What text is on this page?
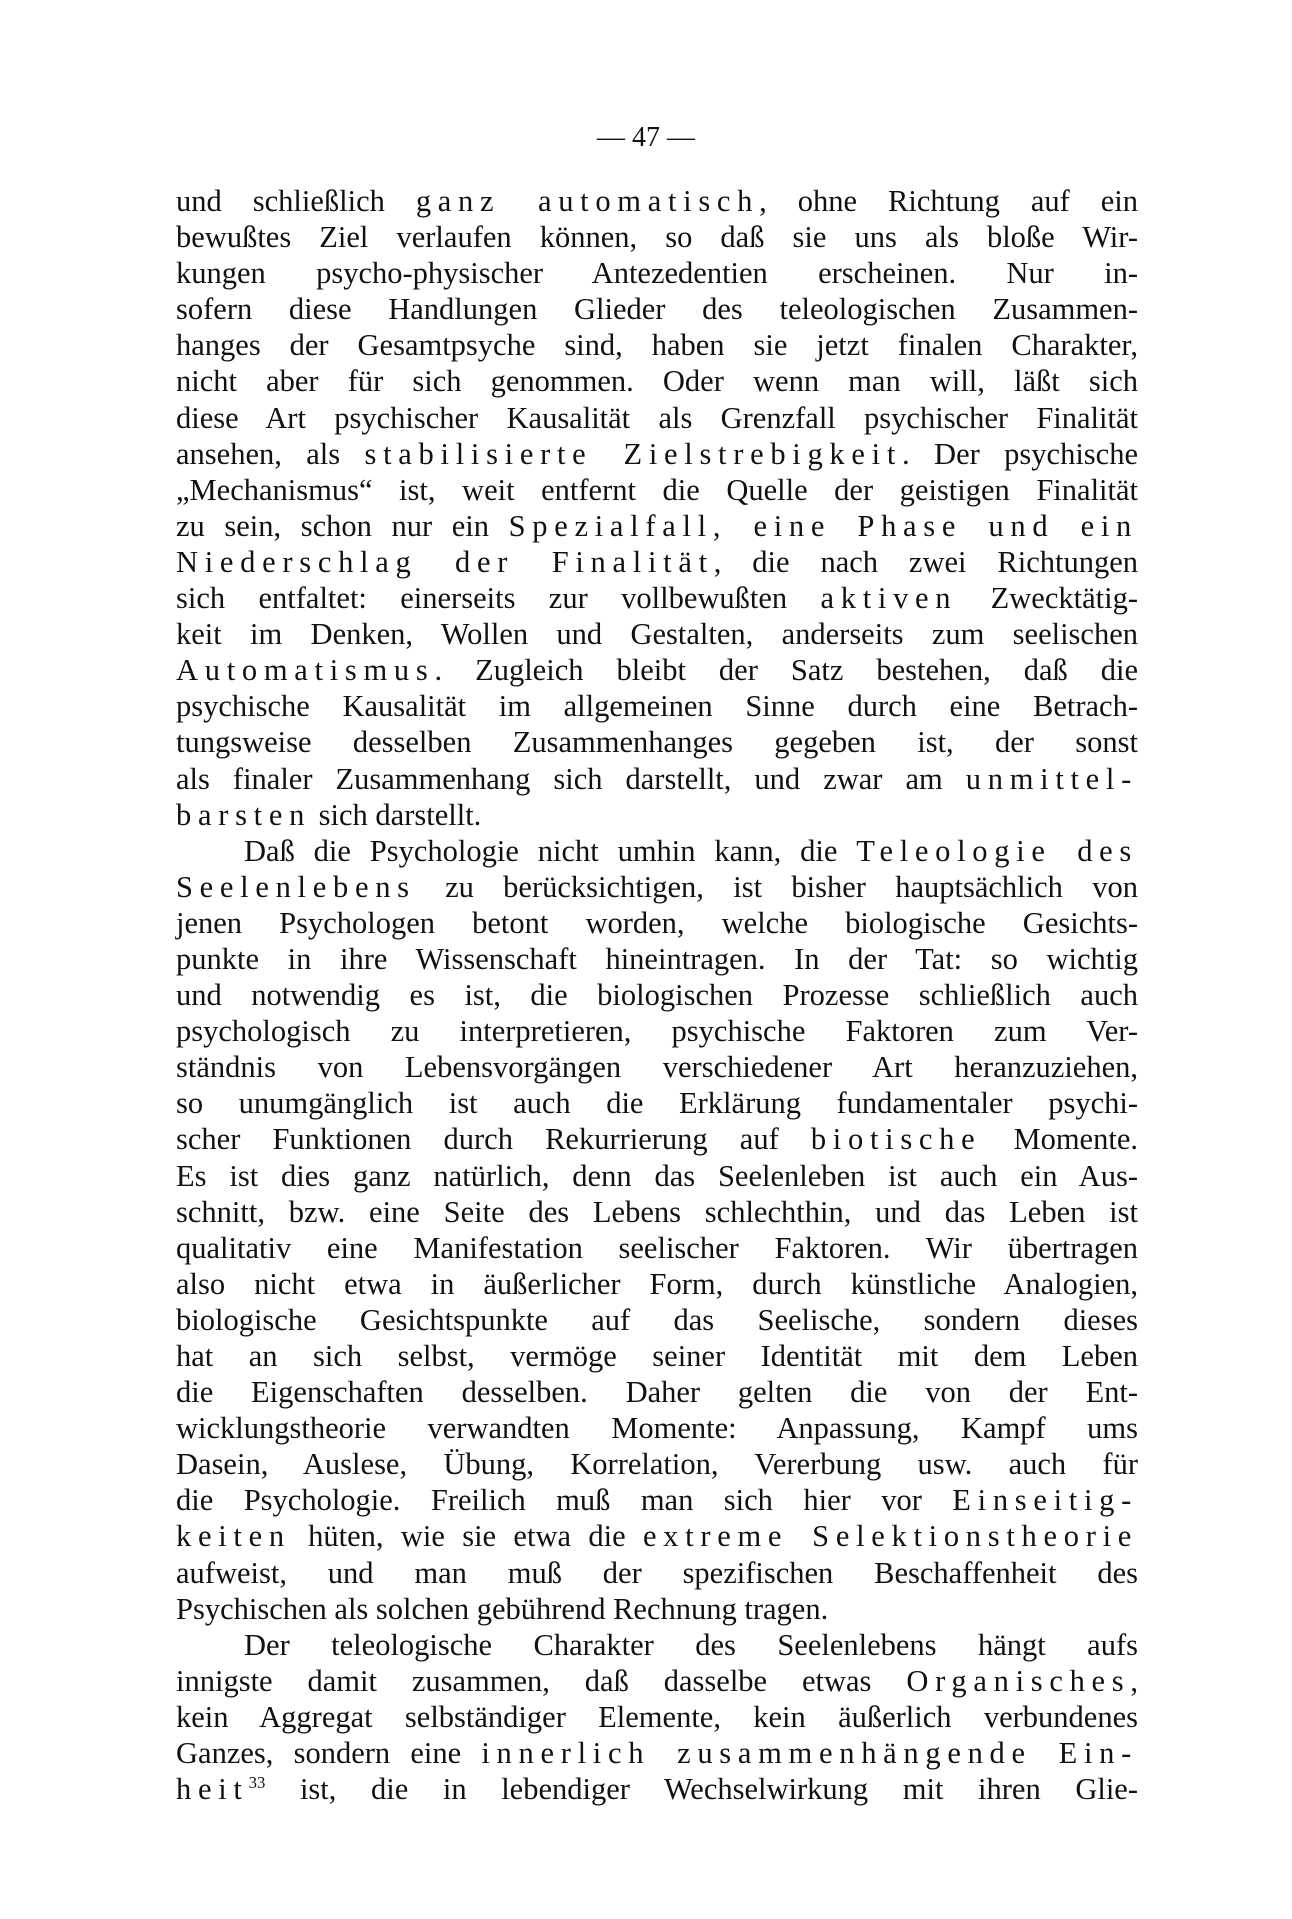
— 47 —
und schließlich ganz automatisch, ohne Richtung auf ein
bewußtes Ziel verlaufen können, so daß sie uns als bloße Wir-
kungen psycho-physischer Antezedentien erscheinen. Nur in-
sofern diese Handlungen Glieder des teleologischen Zusammen-
hanges der Gesamtpsyche sind, haben sie jetzt finalen Charakter,
nicht aber für sich genommen. Oder wenn man will, läßt sich
diese Art psychischer Kausalität als Grenzfall psychischer Finalität
ansehen, als stabilisierte Zielstrebigkeit. Der psychische
„Mechanismus“ ist, weit entfernt die Quelle der geistigen Finalität
zu sein, schon nur ein Spezialfall, eine Phase und ein
Niederschlag der Finalität, die nach zwei Richtungen
sich entfaltet: einerseits zur vollbewußten aktiven Zwecktätig-
keit im Denken, Wollen und Gestalten, anderseits zum seelischen
Automatismus. Zugleich bleibt der Satz bestehen, daß die
psychische Kausalität im allgemeinen Sinne durch eine Betrach-
tungsweise desselben Zusammenhanges gegeben ist, der sonst
als finaler Zusammenhang sich darstellt, und zwar am unmittel-
barsten sich darstellt.
Daß die Psychologie nicht umhin kann, die Teleologie des
Seelenlebens zu berücksichtigen, ist bisher hauptsächlich von
jenen Psychologen betont worden, welche biologische Gesichts-
punkte in ihre Wissenschaft hineintragen. In der Tat: so wichtig
und notwendig es ist, die biologischen Prozesse schließlich auch
psychologisch zu interpretieren, psychische Faktoren zum Ver-
ständnis von Lebensvorgängen verschiedener Art heranzuziehen,
so unumgänglich ist auch die Erklärung fundamentaler psychi-
scher Funktionen durch Rekurrierung auf biotische Momente.
Es ist dies ganz natürlich, denn das Seelenleben ist auch ein Aus-
schnitt, bzw. eine Seite des Lebens schlechthin, und das Leben ist
qualitativ eine Manifestation seelischer Faktoren. Wir übertragen
also nicht etwa in äußerlicher Form, durch künstliche Analogien,
biologische Gesichtspunkte auf das Seelische, sondern dieses
hat an sich selbst, vermöge seiner Identität mit dem Leben
die Eigenschaften desselben. Daher gelten die von der Ent-
wicklungstheorie verwandten Momente: Anpassung, Kampf ums
Dasein, Auslese, Übung, Korrelation, Vererbung usw. auch für
die Psychologie. Freilich muß man sich hier vor Einseitig-
keiten hüten, wie sie etwa die extreme Selektionstheorie
aufweist, und man muß der spezifischen Beschaffenheit des
Psychischen als solchen gebührend Rechnung tragen.
Der teleologische Charakter des Seelenlebens hängt aufs
innigste damit zusammen, daß dasselbe etwas Organisches,
kein Aggregat selbständiger Elemente, kein äußerlich verbundenes
Ganzes, sondern eine innerlich zusammenhängende Ein-
heit$^{33}$ ist, die in lebendiger Wechselwirkung mit ihren Glie-
